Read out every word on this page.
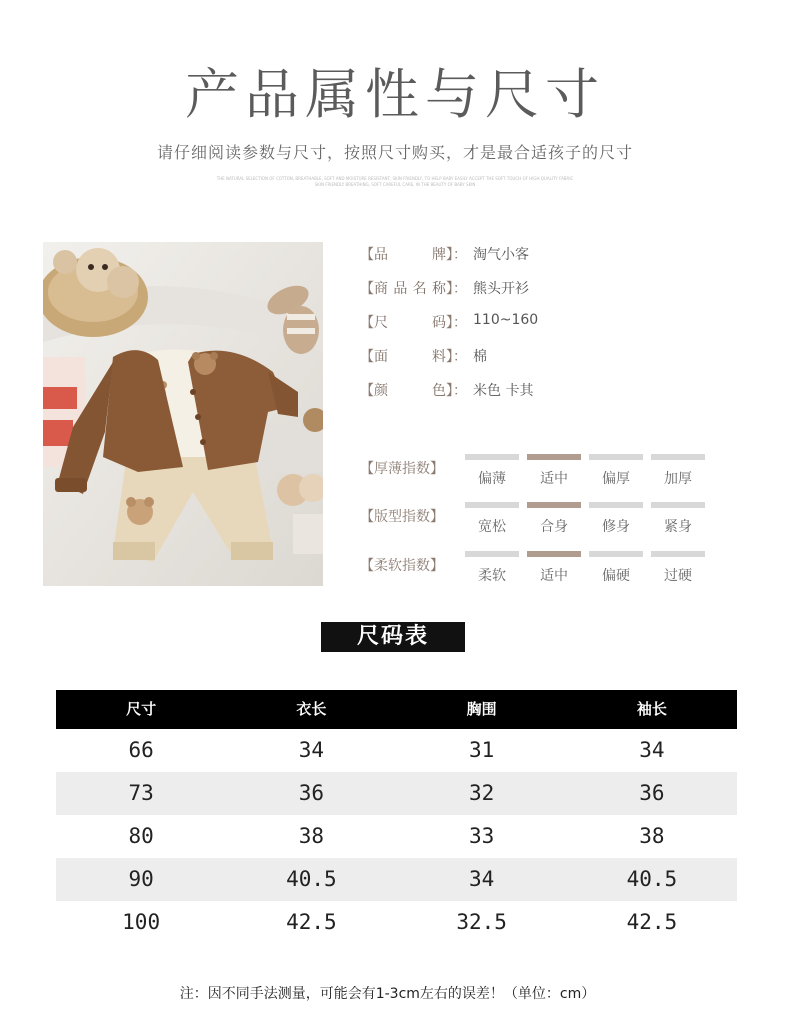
产品属性与尺寸
请仔细阅读参数与尺寸，按照尺寸购买，才是最合适孩子的尺寸
THE NATURAL SELECTION OF COTTON, BREATHABLE, SOFT AND MOISTURE RESISTANT, SKIN FRIENDLY, TO HELP BABY EASILY ACCEPT THE SOFT TOUCH OF HIGH QUALITY FABRIC
SKIN FRIENDLY BREATHING, SOFT CAREFUL CARE, IN THE BEAUTY OF BABY SKIN
【品牌】： 淘气小客
【商品名称】： 熊头开衫
【尺码】： 110~160
【面料】： 棉
【颜色】： 米色 卡其
【厚薄指数】
偏薄	适中	偏厚	加厚
【版型指数】
宽松	合身	修身	紧身
【柔软指数】
柔软	适中	偏硬	过硬
尺码表
尺寸	衣长	胸围	袖长
66	34	31	34
73	36	32	36
80	38	33	38
90	40.5	34	40.5
100	42.5	32.5	42.5
注：因不同手法测量，可能会有1-3cm左右的误差！（单位：cm）
